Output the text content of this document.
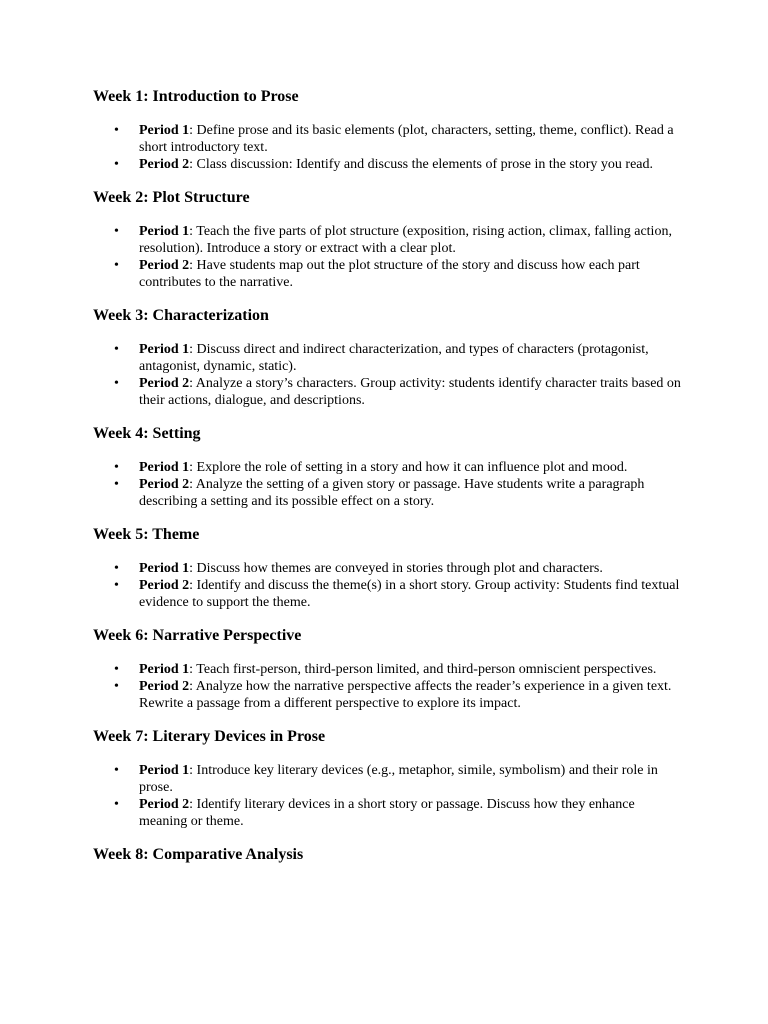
Week 1: Introduction to Prose
• Period 1: Define prose and its basic elements (plot, characters, setting, theme, conflict). Read a short introductory text.
• Period 2: Class discussion: Identify and discuss the elements of prose in the story you read.
Week 2: Plot Structure
• Period 1: Teach the five parts of plot structure (exposition, rising action, climax, falling action, resolution). Introduce a story or extract with a clear plot.
• Period 2: Have students map out the plot structure of the story and discuss how each part contributes to the narrative.
Week 3: Characterization
• Period 1: Discuss direct and indirect characterization, and types of characters (protagonist, antagonist, dynamic, static).
• Period 2: Analyze a story’s characters. Group activity: students identify character traits based on their actions, dialogue, and descriptions.
Week 4: Setting
• Period 1: Explore the role of setting in a story and how it can influence plot and mood.
• Period 2: Analyze the setting of a given story or passage. Have students write a paragraph describing a setting and its possible effect on a story.
Week 5: Theme
• Period 1: Discuss how themes are conveyed in stories through plot and characters.
• Period 2: Identify and discuss the theme(s) in a short story. Group activity: Students find textual evidence to support the theme.
Week 6: Narrative Perspective
• Period 1: Teach first-person, third-person limited, and third-person omniscient perspectives.
• Period 2: Analyze how the narrative perspective affects the reader’s experience in a given text. Rewrite a passage from a different perspective to explore its impact.
Week 7: Literary Devices in Prose
• Period 1: Introduce key literary devices (e.g., metaphor, simile, symbolism) and their role in prose.
• Period 2: Identify literary devices in a short story or passage. Discuss how they enhance meaning or theme.
Week 8: Comparative Analysis
